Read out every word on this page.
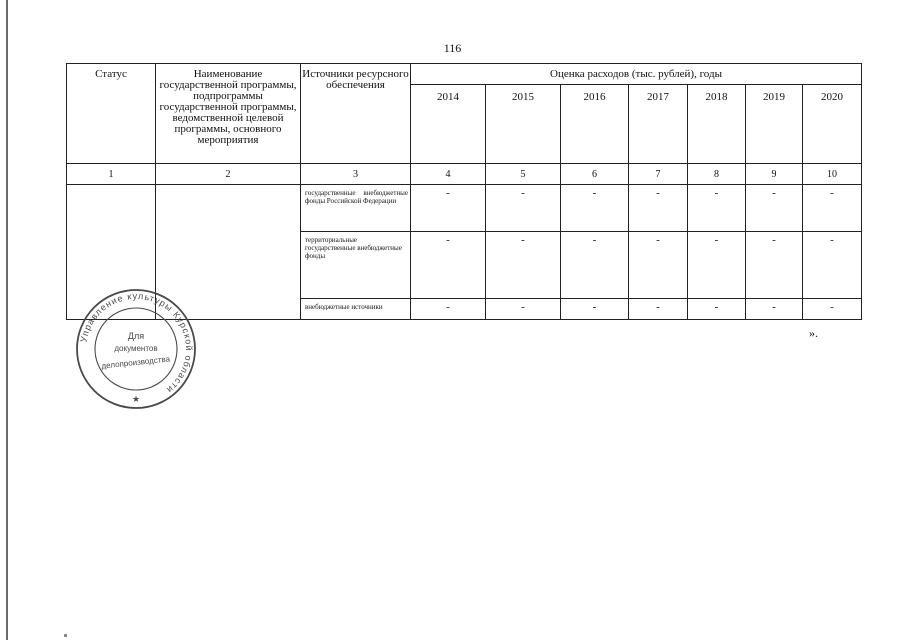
116
Статус	Наименование государственной программы, подпрограммы государственной программы, ведомственной целевой программы, основного мероприятия	Источники ресурсного обеспечения	Оценка расходов (тыс. рублей), годы						
			2014	2015	2016	2017	2018	2019	2020
1	2	3	4	5	6	7	8	9	10
		государственные внебюджетные фонды Российской Федерации	-	-	-	-	-	-	-
		территориальные государственные внебюджетные фонды	-	-	-	-	-	-	-
		внебюджетные источники	-	-	-	-	-	-	-
».
Управление культуры Курской области
Для
документов
делопроизводства
★
